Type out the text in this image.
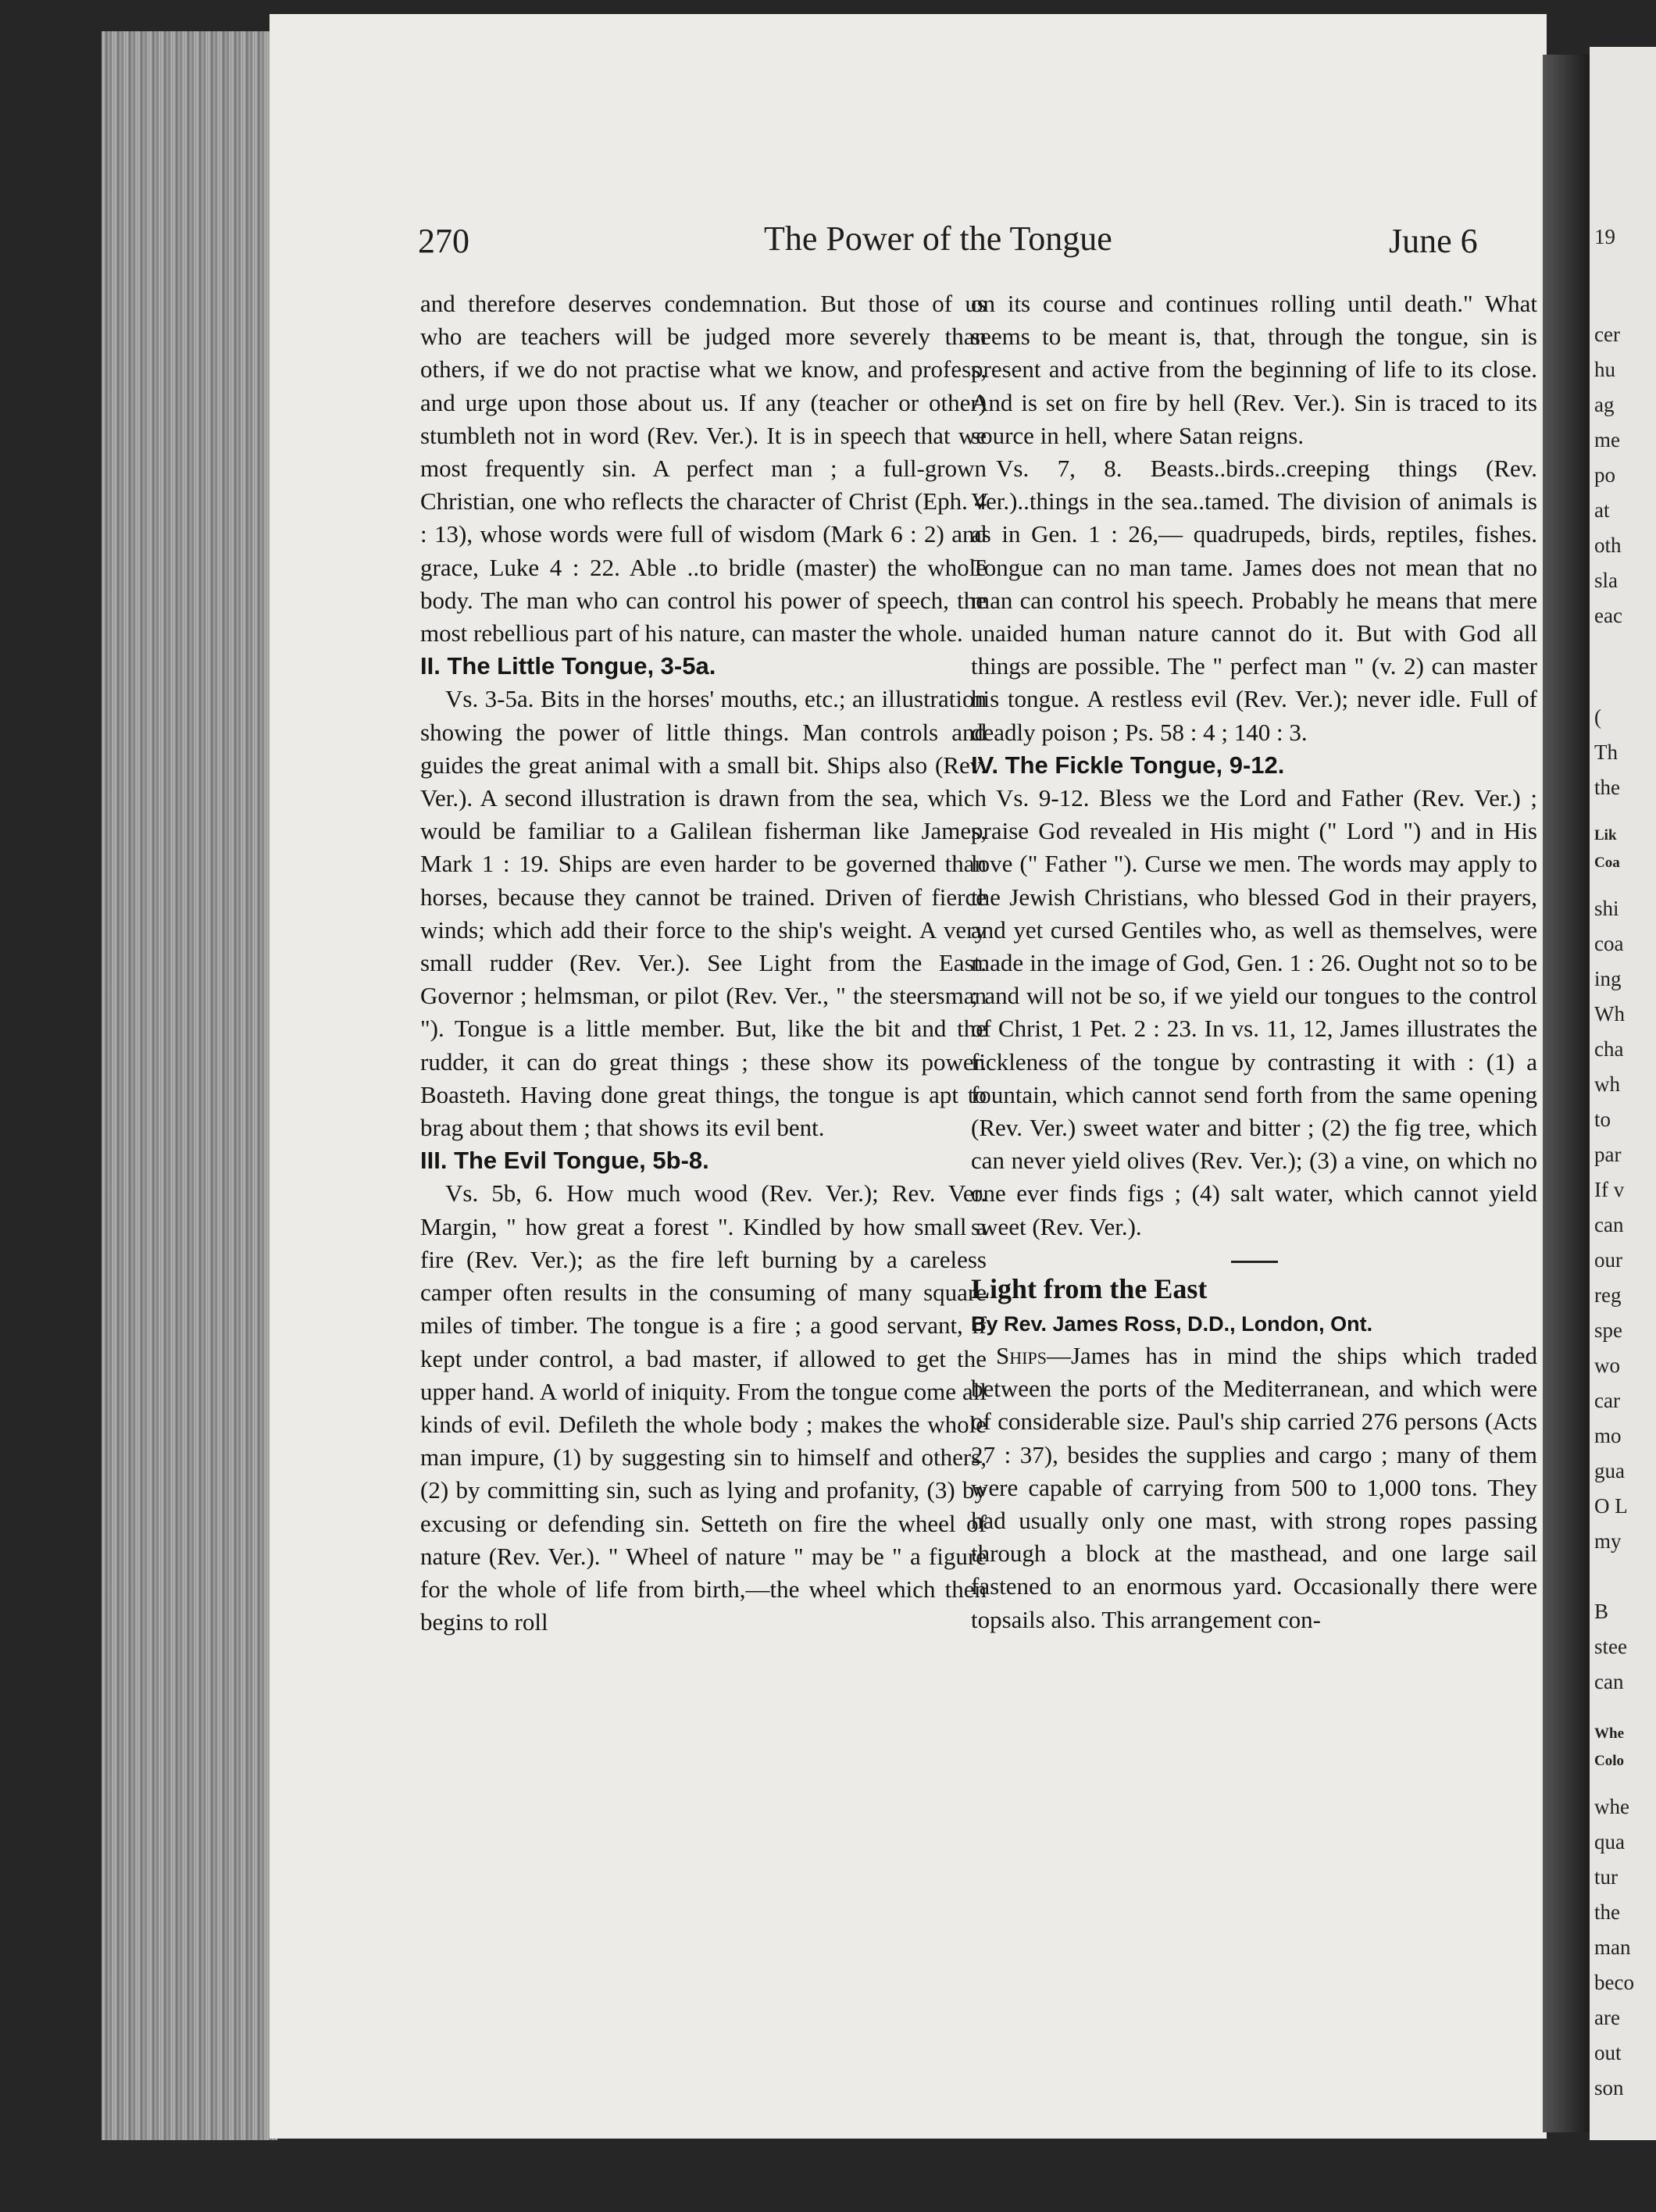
19
cer
hu
ag
me
po
at
oth
sla
eac
(
Th
the
Lik
Coa
shi
coa
ing
Wh
cha
wh
to
par
If v
can
our
reg
spe
wo
car
mo
gua
O L
my
B
stee
can
Whe
Colo
whe
qua
tur
the
man
beco
are
out
son
270	The Power of the Tongue	June 6

and therefore deserves condemnation. But those of us who are teachers will be judged more severely than others, if we do not practise what we know, and profess, and urge upon those about us. If any (teacher or other) stumbleth not in word (Rev. Ver.). It is in speech that we most frequently sin. A perfect man ; a full-grown Christian, one who reflects the character of Christ (Eph. 4 : 13), whose words were full of wisdom (Mark 6 : 2) and grace, Luke 4 : 22. Able ..to bridle (master) the whole body. The man who can control his power of speech, the most rebellious part of his nature, can master the whole.

II. The Little Tongue, 3-5a.

Vs. 3-5a. Bits in the horses' mouths, etc.; an illustration showing the power of little things. Man controls and guides the great animal with a small bit. Ships also (Rev. Ver.). A second illustration is drawn from the sea, which would be familiar to a Galilean fisherman like James, Mark 1 : 19. Ships are even harder to be governed than horses, because they cannot be trained. Driven of fierce winds; which add their force to the ship's weight. A very small rudder (Rev. Ver.). See Light from the East. Governor ; helmsman, or pilot (Rev. Ver., " the steersman "). Tongue is a little member. But, like the bit and the rudder, it can do great things ; these show its power. Boasteth. Having done great things, the tongue is apt to brag about them ; that shows its evil bent.

III. The Evil Tongue, 5b-8.

Vs. 5b, 6. How much wood (Rev. Ver.); Rev. Ver. Margin, " how great a forest ". Kindled by how small a fire (Rev. Ver.); as the fire left burning by a careless camper often results in the consuming of many square miles of timber. The tongue is a fire ; a good servant, if kept under control, a bad master, if allowed to get the upper hand. A world of iniquity. From the tongue come all kinds of evil. Defileth the whole body ; makes the whole man impure, (1) by suggesting sin to himself and others, (2) by committing sin, such as lying and profanity, (3) by excusing or defending sin. Setteth on fire the wheel of nature (Rev. Ver.). " Wheel of nature " may be " a figure for the whole of life from birth,—the wheel which then begins to roll

on its course and continues rolling until death." What seems to be meant is, that, through the tongue, sin is present and active from the beginning of life to its close. And is set on fire by hell (Rev. Ver.). Sin is traced to its source in hell, where Satan reigns.

Vs. 7, 8. Beasts..birds..creeping things (Rev. Ver.)..things in the sea..tamed. The division of animals is as in Gen. 1 : 26,— quadrupeds, birds, reptiles, fishes. Tongue can no man tame. James does not mean that no man can control his speech. Probably he means that mere unaided human nature cannot do it. But with God all things are possible. The " perfect man " (v. 2) can master his tongue. A restless evil (Rev. Ver.); never idle. Full of deadly poison ; Ps. 58 : 4 ; 140 : 3.

IV. The Fickle Tongue, 9-12.

Vs. 9-12. Bless we the Lord and Father (Rev. Ver.) ; praise God revealed in His might (" Lord ") and in His love (" Father "). Curse we men. The words may apply to the Jewish Christians, who blessed God in their prayers, and yet cursed Gentiles who, as well as themselves, were made in the image of God, Gen. 1 : 26. Ought not so to be ; and will not be so, if we yield our tongues to the control of Christ, 1 Pet. 2 : 23. In vs. 11, 12, James illustrates the fickleness of the tongue by contrasting it with : (1) a fountain, which cannot send forth from the same opening (Rev. Ver.) sweet water and bitter ; (2) the fig tree, which can never yield olives (Rev. Ver.); (3) a vine, on which no one ever finds figs ; (4) salt water, which cannot yield sweet (Rev. Ver.).

Light from the East

By Rev. James Ross, D.D., London, Ont.

Ships—James has in mind the ships which traded between the ports of the Mediterranean, and which were of considerable size. Paul's ship carried 276 persons (Acts 27 : 37), besides the supplies and cargo ; many of them were capable of carrying from 500 to 1,000 tons. They had usually only one mast, with strong ropes passing through a block at the masthead, and one large sail fastened to an enormous yard. Occasionally there were topsails also. This arrangement con-
